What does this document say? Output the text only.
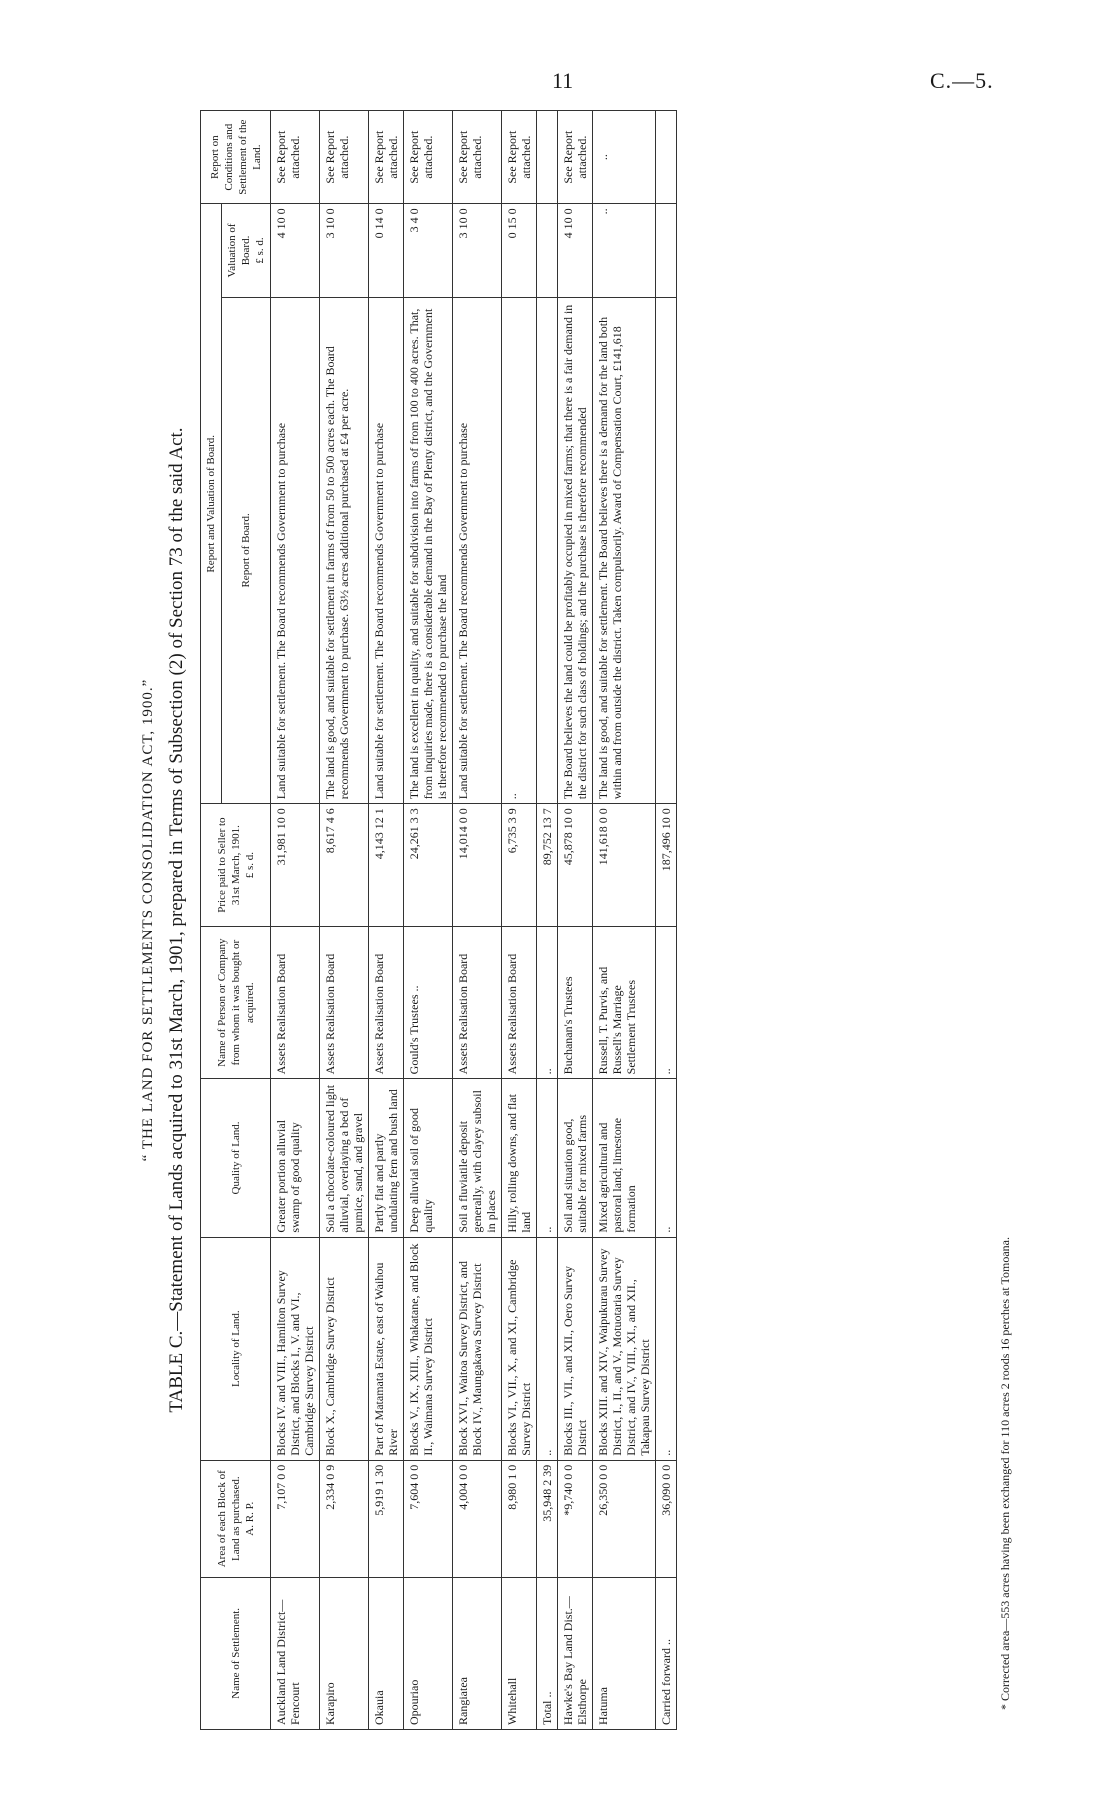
11	C.—5.
“ THE LAND FOR SETTLEMENTS CONSOLIDATION ACT, 1900.” TABLE C.—Statement of Lands acquired to 31st March, 1901, prepared in Terms of Subsection (2) of Section 73 of the said Act.
Name of Settlement.	Area of each Block of Land as purchased. A. R. P.	Locality of Land.	Quality of Land.	Name of Person or Company from whom it was bought or acquired.	Price paid to Seller to 31st March, 1901. £ s. d.	Report and Valuation of Board.		Report on Conditions and Settlement of the Land.
						Report of Board.	Valuation of Board. £ s. d.	
Auckland Land District— Fencourt	7,107 0 0	Blocks IV. and VIII., Hamilton Survey District, and Blocks I., V. and VI., Cambridge Survey District	Greater portion alluvial swamp of good quality	Assets Realisation Board	31,981 10 0	Land suitable for settlement. The Board recommends Government to purchase	4 10 0	See Report attached.
Karapiro	2,334 0 9	Block X., Cambridge Survey District	Soil a chocolate-coloured light alluvial, overlaying a bed of pumice, sand, and gravel	Assets Realisation Board	8,617 4 6	The land is good, and suitable for settlement in farms of from 50 to 500 acres each. The Board recommends Government to purchase. 63½ acres additional purchased at £4 per acre.	3 10 0	See Report attached.
Okauia	5,919 1 30	Part of Matamata Estate, east of Waihou River	Partly flat and partly undulating fern and bush land	Assets Realisation Board	4,143 12 1	Land suitable for settlement. The Board recommends Government to purchase	0 14 0	See Report attached.
Opouriao	7,604 0 0	Blocks V., IX., XIII., Whakatane, and Block II., Waimana Survey District	Deep alluvial soil of good quality	Gould's Trustees ..	24,261 3 3	The land is excellent in quality, and suitable for subdivision into farms of from 100 to 400 acres. That, from inquiries made, there is a considerable demand in the Bay of Plenty district, and the Government is therefore recommended to purchase the land	3 4 0	See Report attached.
Rangiatea	4,004 0 0	Block XVI., Waitoa Survey District, and Block IV., Maungakawa Survey District	Soil a fluviatile deposit generally, with clayey subsoil in places	Assets Realisation Board	14,014 0 0	Land suitable for settlement. The Board recommends Government to purchase	3 10 0	See Report attached.
Whitehall	8,980 1 0	Blocks VI., VII., X., and XI., Cambridge Survey District	Hilly, rolling downs, and flat land	Assets Realisation Board	6,735 3 9	..	0 15 0	See Report attached.
Total ..	35,948 2 39	..	..	..	89,752 13 7			
Hawke's Bay Land Dist.— Elsthorpe	*9,740 0 0	Blocks III., VII., and XII., Oero Survey District	Soil and situation good, suitable for mixed farms	Buchanan's Trustees	45,878 10 0	The Board believes the land could be profitably occupied in mixed farms; that there is a fair demand in the district for such class of holdings; and the purchase is therefore recommended	4 10 0	See Report attached.
Hatuma	26,350 0 0	Blocks XIII. and XIV., Waipukurau Survey District, I., II., and V., Motuotaria Survey District, and IV., VIII., XI., and XII., Takapau Survey District	Mixed agricultural and pastoral land; limestone formation	Russell, T. Purvis, and Russell's Marriage Settlement Trustees	141,618 0 0	The land is good, and suitable for settlement. The Board believes there is a demand for the land both within and from outside the district. Taken compulsorily. Award of Compensation Court, £141,618	..	..
Carried forward ..	36,090 0 0	..	..	..	187,496 10 0			
* Corrected area—553 acres having been exchanged for 110 acres 2 roods 16 perches at Tomoana.
